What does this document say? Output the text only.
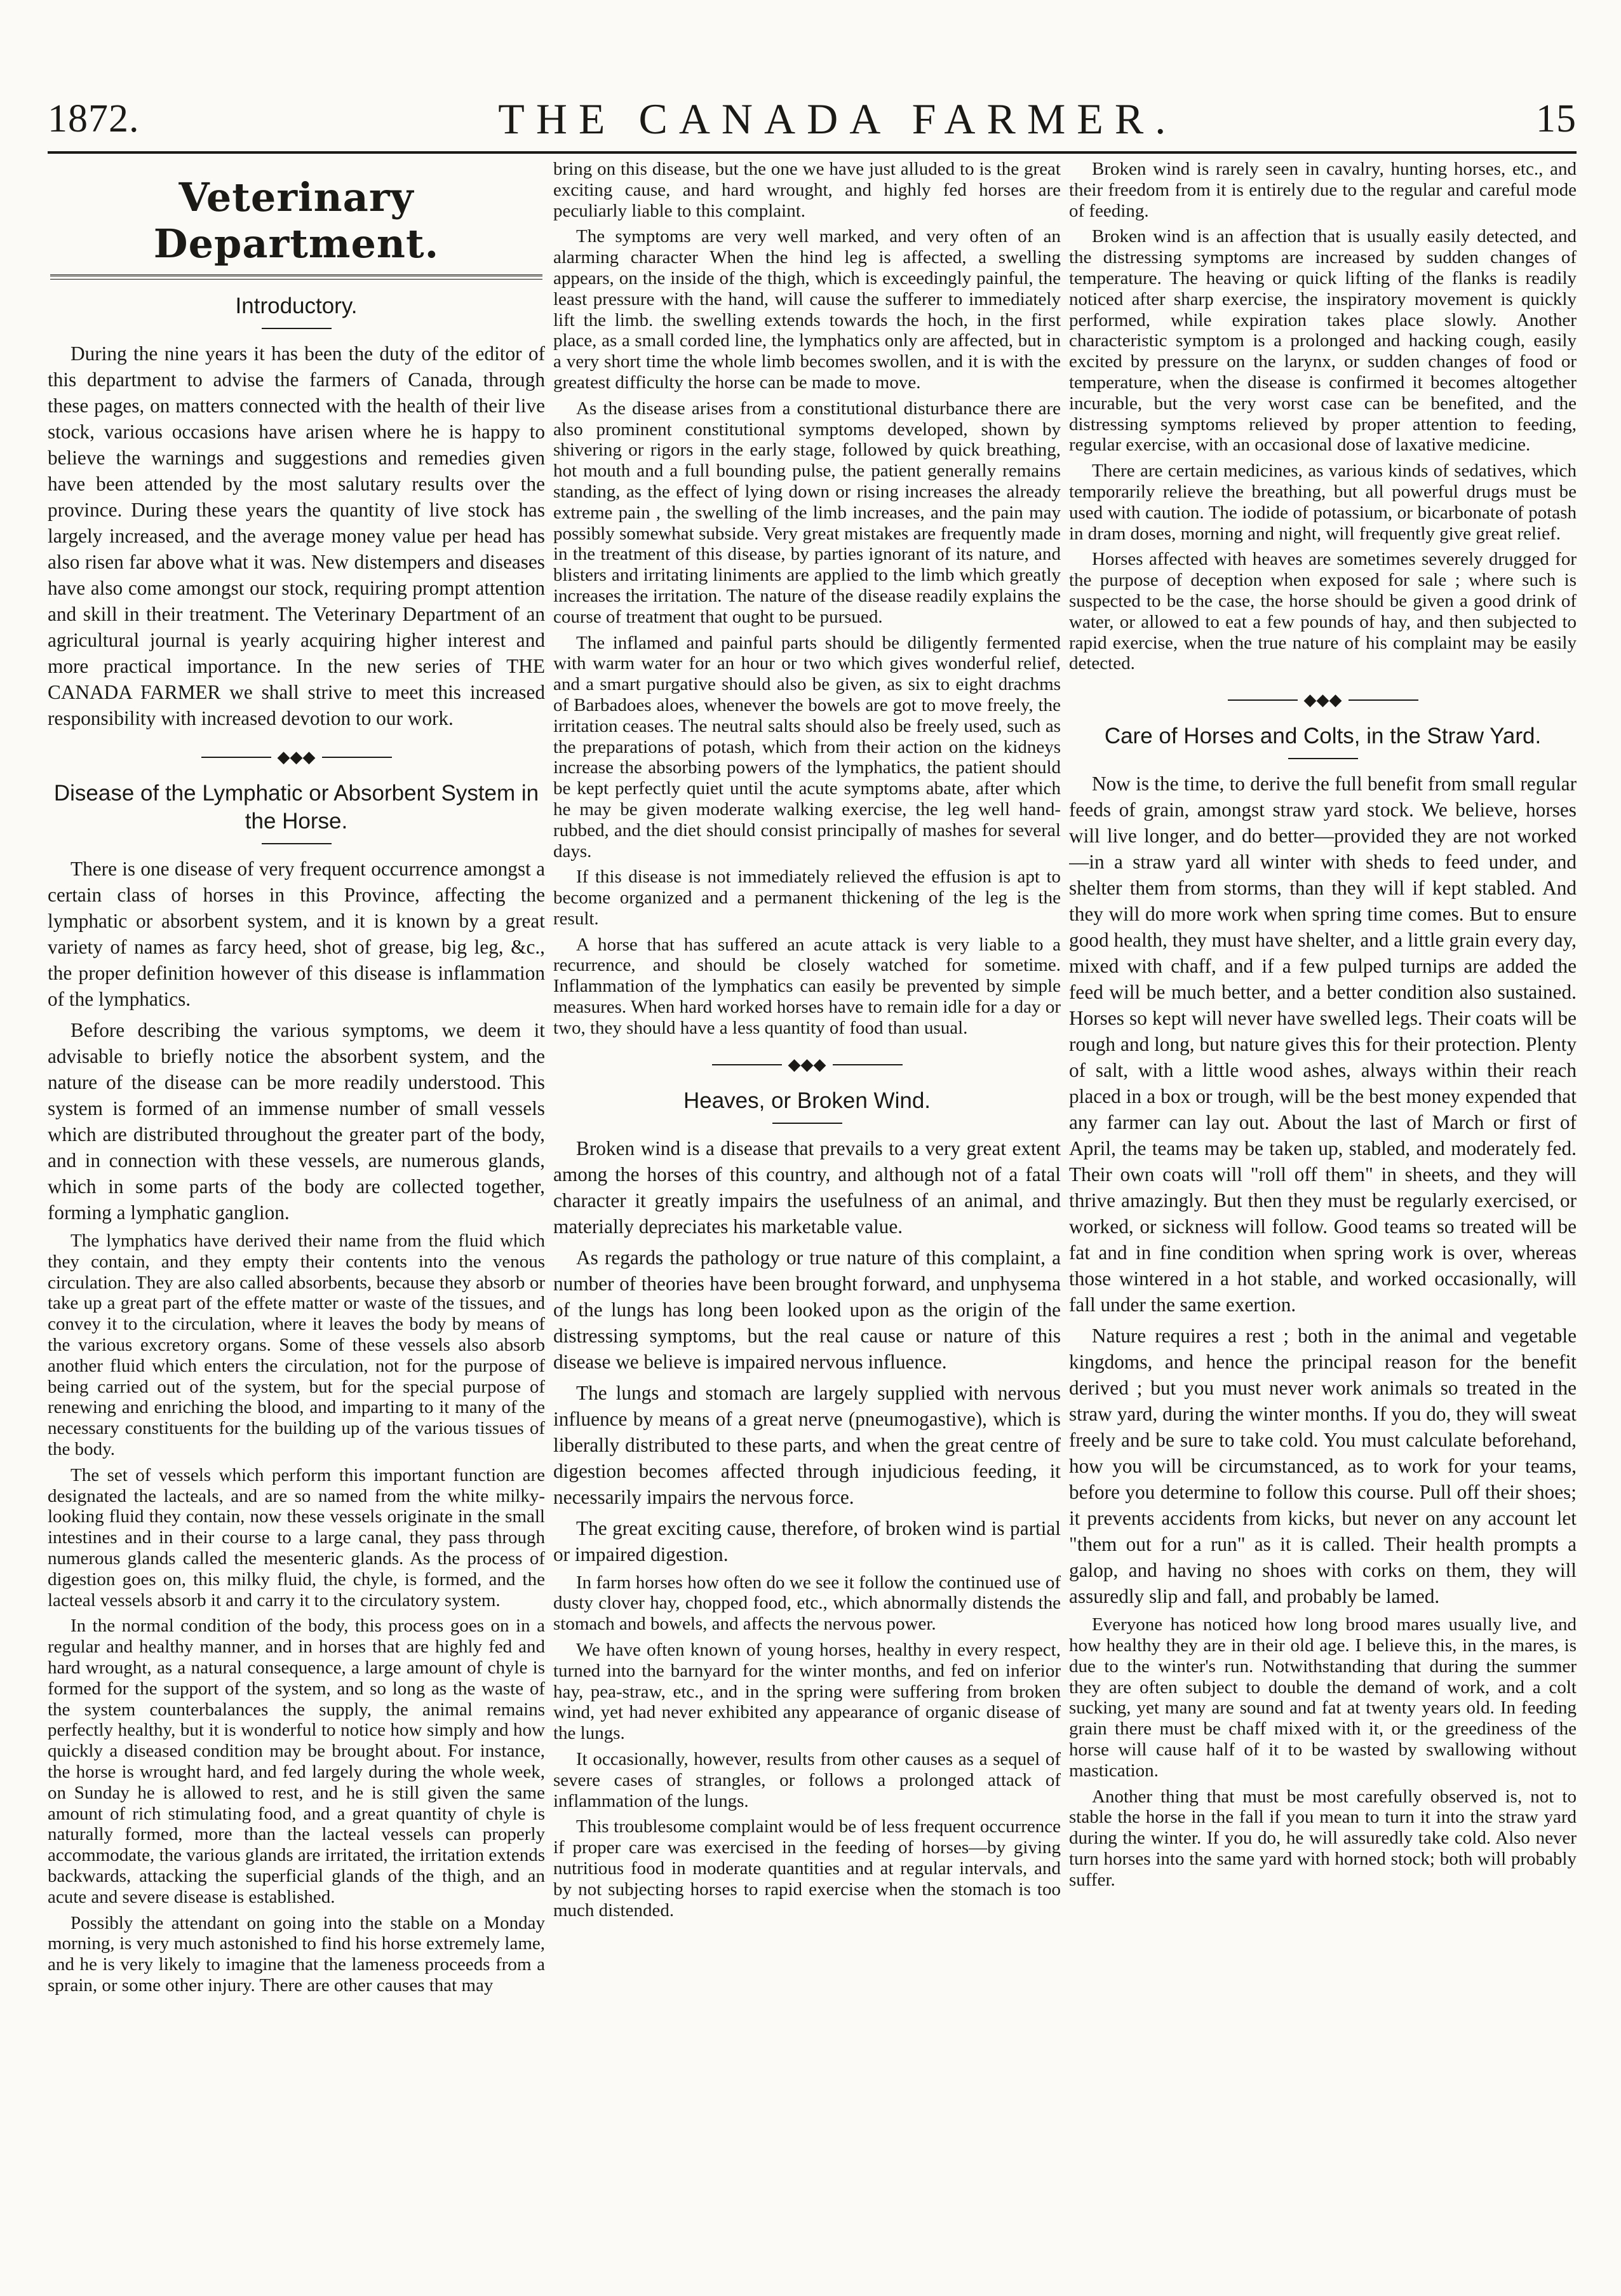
1872.	THE CANADA FARMER.	15
Veterinary Department.
Introductory.

During the nine years it has been the duty of the editor of this department to advise the farmers of Canada, through these pages, on matters connected with the health of their live stock, various occasions have arisen where he is happy to believe the warnings and suggestions and remedies given have been attended by the most salutary results over the province. During these years the quantity of live stock has largely increased, and the average money value per head has also risen far above what it was. New distempers and diseases have also come amongst our stock, requiring prompt attention and skill in their treatment. The Veterinary Department of an agricultural journal is yearly acquiring higher interest and more practical importance. In the new series of THE CANADA FARMER we shall strive to meet this increased responsibility with increased devotion to our work.

◆◆◆
Disease of the Lymphatic or Absorbent System in the Horse.

There is one disease of very frequent occurrence amongst a certain class of horses in this Province, affecting the lymphatic or absorbent system, and it is known by a great variety of names as farcy heed, shot of grease, big leg, &c., the proper definition however of this disease is inflammation of the lymphatics.

Before describing the various symptoms, we deem it advisable to briefly notice the absorbent system, and the nature of the disease can be more readily understood. This system is formed of an immense number of small vessels which are distributed throughout the greater part of the body, and in connection with these vessels, are numerous glands, which in some parts of the body are collected together, forming a lymphatic ganglion.

The lymphatics have derived their name from the fluid which they contain, and they empty their contents into the venous circulation. They are also called absorbents, because they absorb or take up a great part of the effete matter or waste of the tissues, and convey it to the circulation, where it leaves the body by means of the various excretory organs. Some of these vessels also absorb another fluid which enters the circulation, not for the purpose of being carried out of the system, but for the special purpose of renewing and enriching the blood, and imparting to it many of the necessary constituents for the building up of the various tissues of the body.

The set of vessels which perform this important function are designated the lacteals, and are so named from the white milky-looking fluid they contain, now these vessels originate in the small intestines and in their course to a large canal, they pass through numerous glands called the mesenteric glands. As the process of digestion goes on, this milky fluid, the chyle, is formed, and the lacteal vessels absorb it and carry it to the circulatory system.

In the normal condition of the body, this process goes on in a regular and healthy manner, and in horses that are highly fed and hard wrought, as a natural consequence, a large amount of chyle is formed for the support of the system, and so long as the waste of the system counterbalances the supply, the animal remains perfectly healthy, but it is wonderful to notice how simply and how quickly a diseased condition may be brought about. For instance, the horse is wrought hard, and fed largely during the whole week, on Sunday he is allowed to rest, and he is still given the same amount of rich stimulating food, and a great quantity of chyle is naturally formed, more than the lacteal vessels can properly accommodate, the various glands are irritated, the irritation extends backwards, attacking the superficial glands of the thigh, and an acute and severe disease is established.

Possibly the attendant on going into the stable on a Monday morning, is very much astonished to find his horse extremely lame, and he is very likely to imagine that the lameness proceeds from a sprain, or some other injury. There are other causes that may

bring on this disease, but the one we have just alluded to is the great exciting cause, and hard wrought, and highly fed horses are peculiarly liable to this complaint.

The symptoms are very well marked, and very often of an alarming character When the hind leg is affected, a swelling appears, on the inside of the thigh, which is exceedingly painful, the least pressure with the hand, will cause the sufferer to immediately lift the limb. the swelling extends towards the hoch, in the first place, as a small corded line, the lymphatics only are affected, but in a very short time the whole limb becomes swollen, and it is with the greatest difficulty the horse can be made to move.

As the disease arises from a constitutional disturbance there are also prominent constitutional symptoms developed, shown by shivering or rigors in the early stage, followed by quick breathing, hot mouth and a full bounding pulse, the patient generally remains standing, as the effect of lying down or rising increases the already extreme pain , the swelling of the limb increases, and the pain may possibly somewhat subside. Very great mistakes are frequently made in the treatment of this disease, by parties ignorant of its nature, and blisters and irritating liniments are applied to the limb which greatly increases the irritation. The nature of the disease readily explains the course of treatment that ought to be pursued.

The inflamed and painful parts should be diligently fermented with warm water for an hour or two which gives wonderful relief, and a smart purgative should also be given, as six to eight drachms of Barbadoes aloes, whenever the bowels are got to move freely, the irritation ceases. The neutral salts should also be freely used, such as the preparations of potash, which from their action on the kidneys increase the absorbing powers of the lymphatics, the patient should be kept perfectly quiet until the acute symptoms abate, after which he may be given moderate walking exercise, the leg well hand-rubbed, and the diet should consist principally of mashes for several days.

If this disease is not immediately relieved the effusion is apt to become organized and a permanent thickening of the leg is the result.

A horse that has suffered an acute attack is very liable to a recurrence, and should be closely watched for sometime. Inflammation of the lymphatics can easily be prevented by simple measures. When hard worked horses have to remain idle for a day or two, they should have a less quantity of food than usual.

◆◆◆
Heaves, or Broken Wind.

Broken wind is a disease that prevails to a very great extent among the horses of this country, and although not of a fatal character it greatly impairs the usefulness of an animal, and materially depreciates his marketable value.

As regards the pathology or true nature of this complaint, a number of theories have been brought forward, and unphysema of the lungs has long been looked upon as the origin of the distressing symptoms, but the real cause or nature of this disease we believe is impaired nervous influence.

The lungs and stomach are largely supplied with nervous influence by means of a great nerve (pneumogastive), which is liberally distributed to these parts, and when the great centre of digestion becomes affected through injudicious feeding, it necessarily impairs the nervous force.

The great exciting cause, therefore, of broken wind is partial or impaired digestion.

In farm horses how often do we see it follow the continued use of dusty clover hay, chopped food, etc., which abnormally distends the stomach and bowels, and affects the nervous power.

We have often known of young horses, healthy in every respect, turned into the barnyard for the winter months, and fed on inferior hay, pea-straw, etc., and in the spring were suffering from broken wind, yet had never exhibited any appearance of organic disease of the lungs.

It occasionally, however, results from other causes as a sequel of severe cases of strangles, or follows a prolonged attack of inflammation of the lungs.

This troublesome complaint would be of less frequent occurrence if proper care was exercised in the feeding of horses—by giving nutritious food in moderate quantities and at regular intervals, and by not subjecting horses to rapid exercise when the stomach is too much distended.

Broken wind is rarely seen in cavalry, hunting horses, etc., and their freedom from it is entirely due to the regular and careful mode of feeding.

Broken wind is an affection that is usually easily detected, and the distressing symptoms are increased by sudden changes of temperature. The heaving or quick lifting of the flanks is readily noticed after sharp exercise, the inspiratory movement is quickly performed, while expiration takes place slowly. Another characteristic symptom is a prolonged and hacking cough, easily excited by pressure on the larynx, or sudden changes of food or temperature, when the disease is confirmed it becomes altogether incurable, but the very worst case can be benefited, and the distressing symptoms relieved by proper attention to feeding, regular exercise, with an occasional dose of laxative medicine.

There are certain medicines, as various kinds of sedatives, which temporarily relieve the breathing, but all powerful drugs must be used with caution. The iodide of potassium, or bicarbonate of potash in dram doses, morning and night, will frequently give great relief.

Horses affected with heaves are sometimes severely drugged for the purpose of deception when exposed for sale ; where such is suspected to be the case, the horse should be given a good drink of water, or allowed to eat a few pounds of hay, and then subjected to rapid exercise, when the true nature of his complaint may be easily detected.

◆◆◆
Care of Horses and Colts, in the Straw Yard.

Now is the time, to derive the full benefit from small regular feeds of grain, amongst straw yard stock. We believe, horses will live longer, and do better—provided they are not worked—in a straw yard all winter with sheds to feed under, and shelter them from storms, than they will if kept stabled. And they will do more work when spring time comes. But to ensure good health, they must have shelter, and a little grain every day, mixed with chaff, and if a few pulped turnips are added the feed will be much better, and a better condition also sustained. Horses so kept will never have swelled legs. Their coats will be rough and long, but nature gives this for their protection. Plenty of salt, with a little wood ashes, always within their reach placed in a box or trough, will be the best money expended that any farmer can lay out. About the last of March or first of April, the teams may be taken up, stabled, and moderately fed. Their own coats will "roll off them" in sheets, and they will thrive amazingly. But then they must be regularly exercised, or worked, or sickness will follow. Good teams so treated will be fat and in fine condition when spring work is over, whereas those wintered in a hot stable, and worked occasionally, will fall under the same exertion.

Nature requires a rest ; both in the animal and vegetable kingdoms, and hence the principal reason for the benefit derived ; but you must never work animals so treated in the straw yard, during the winter months. If you do, they will sweat freely and be sure to take cold. You must calculate beforehand, how you will be circumstanced, as to work for your teams, before you determine to follow this course. Pull off their shoes; it prevents accidents from kicks, but never on any account let "them out for a run" as it is called. Their health prompts a galop, and having no shoes with corks on them, they will assuredly slip and fall, and probably be lamed.

Everyone has noticed how long brood mares usually live, and how healthy they are in their old age. I believe this, in the mares, is due to the winter's run. Notwithstanding that during the summer they are often subject to double the demand of work, and a colt sucking, yet many are sound and fat at twenty years old. In feeding grain there must be chaff mixed with it, or the greediness of the horse will cause half of it to be wasted by swallowing without mastication.

Another thing that must be most carefully observed is, not to stable the horse in the fall if you mean to turn it into the straw yard during the winter. If you do, he will assuredly take cold. Also never turn horses into the same yard with horned stock; both will probably suffer.
